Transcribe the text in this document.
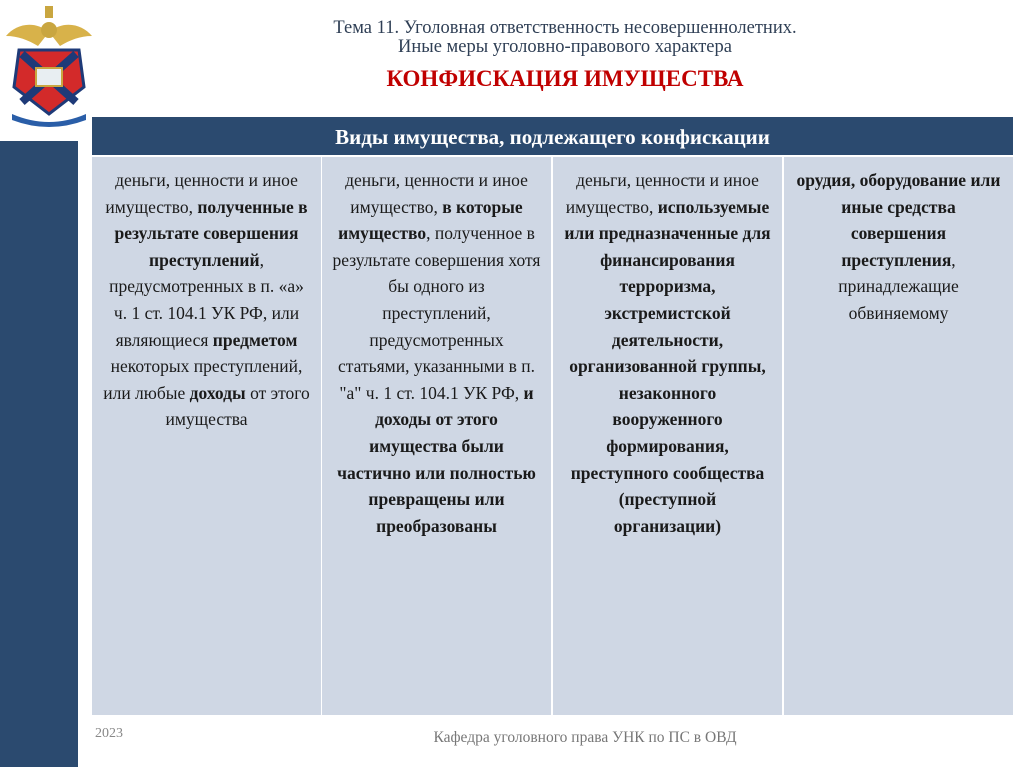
Тема 11. Уголовная ответственность несовершеннолетних.
Иные меры уголовно-правового характера
КОНФИСКАЦИЯ ИМУЩЕСТВА
Виды имущества, подлежащего конфискации
деньги, ценности и иное имущество, полученные в результате совершения преступлений, предусмотренных в п. «а» ч. 1 ст. 104.1 УК РФ, или являющиеся предметом некоторых преступлений, или любые доходы от этого имущества
деньги, ценности и иное имущество, в которые имущество, полученное в результате совершения хотя бы одного из преступлений, предусмотренных статьями, указанными в п. "а" ч. 1 ст. 104.1 УК РФ, и доходы от этого имущества были частично или полностью превращены или преобразованы
деньги, ценности и иное имущество, используемые или предназначенные для финансирования терроризма, экстремистской деятельности, организованной группы, незаконного вооруженного формирования, преступного сообщества (преступной организации)
орудия, оборудование или иные средства совершения преступления, принадлежащие обвиняемому
2023	Кафедра уголовного права УНК по ПС в ОВД
